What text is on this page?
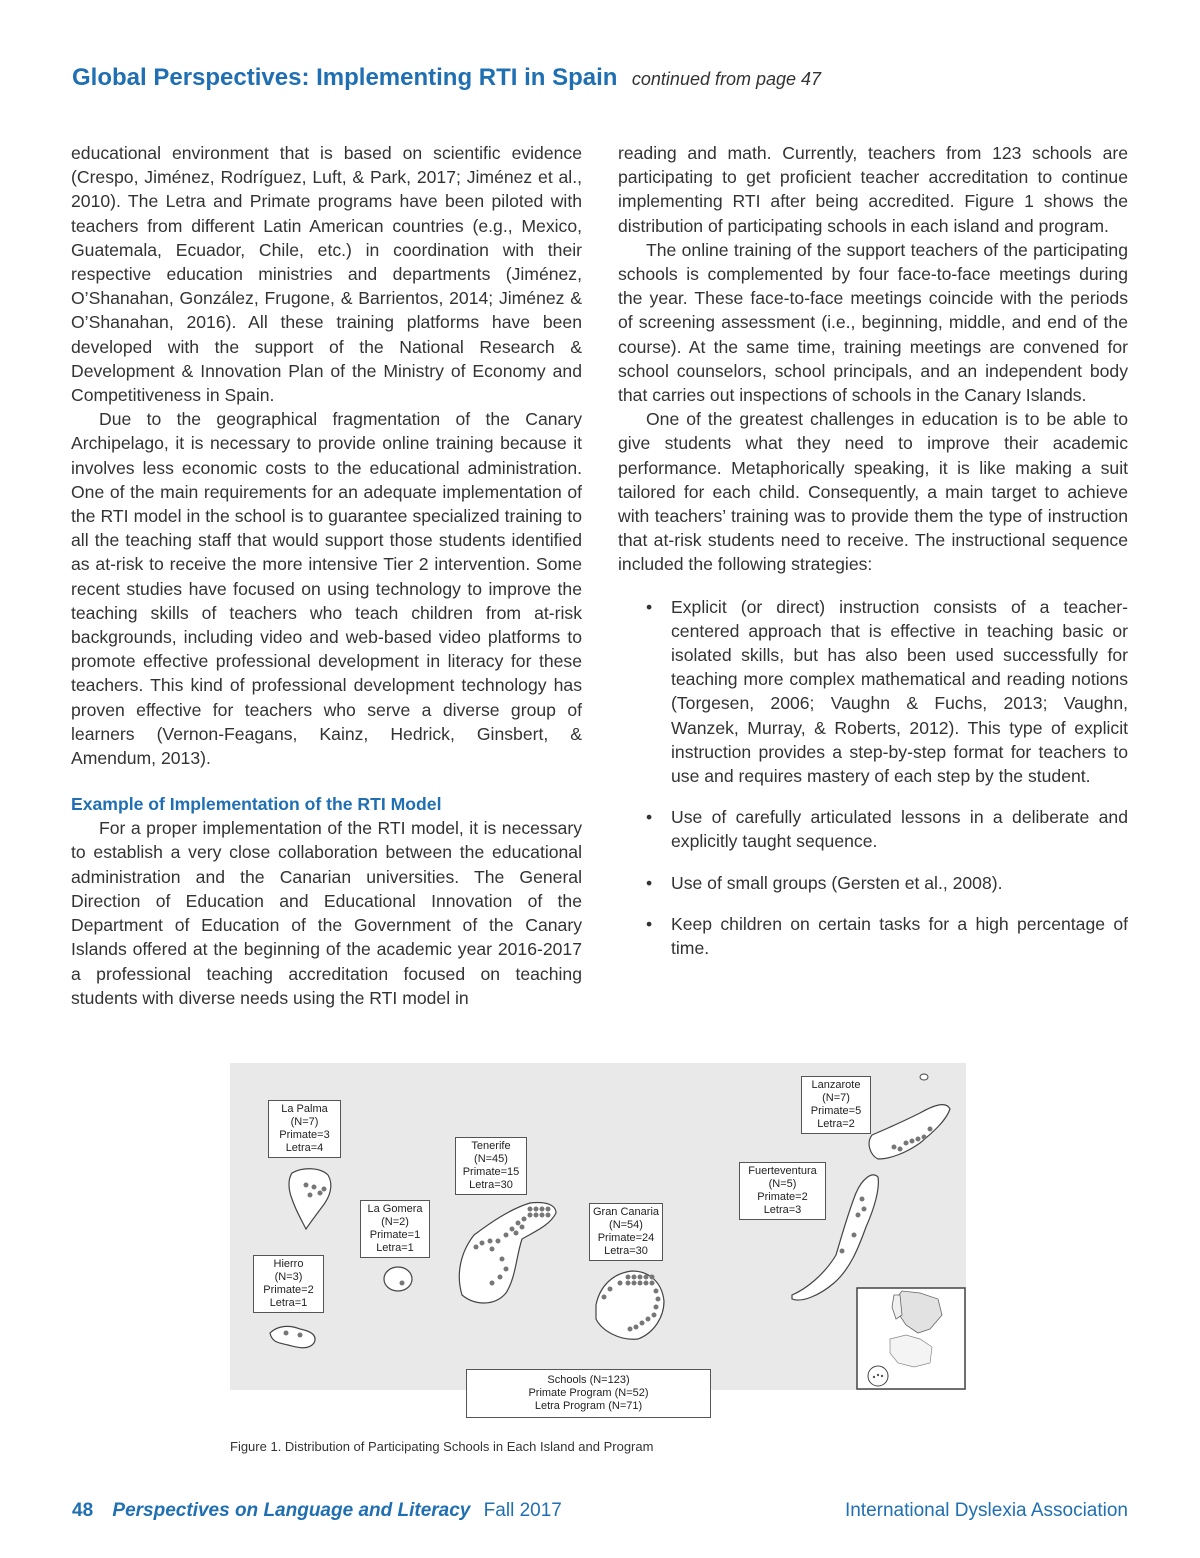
Global Perspectives: Implementing RTI in Spain continued from page 47

educational environment that is based on scientific evidence (Crespo, Jiménez, Rodríguez, Luft, & Park, 2017; Jiménez et al., 2010). The Letra and Primate programs have been piloted with teachers from different Latin American countries (e.g., Mexico, Guatemala, Ecuador, Chile, etc.) in coordination with their respective education ministries and departments (Jiménez, O’Shanahan, González, Frugone, & Barrientos, 2014; Jiménez & O’Shanahan, 2016). All these training platforms have been developed with the support of the National Research & Development & Innovation Plan of the Ministry of Economy and Competitiveness in Spain.

Due to the geographical fragmentation of the Canary Archipelago, it is necessary to provide online training because it involves less economic costs to the educational administration. One of the main requirements for an adequate implementation of the RTI model in the school is to guarantee specialized training to all the teaching staff that would support those students identified as at-risk to receive the more intensive Tier 2 intervention. Some recent studies have focused on using technology to improve the teaching skills of teachers who teach children from at-risk backgrounds, including video and web-based video platforms to promote effective professional development in literacy for these teachers. This kind of professional development technology has proven effective for teachers who serve a diverse group of learners (Vernon-Feagans, Kainz, Hedrick, Ginsbert, & Amendum, 2013).

Example of Implementation of the RTI Model

For a proper implementation of the RTI model, it is necessary to establish a very close collaboration between the educational administration and the Canarian universities. The General Direction of Education and Educational Innovation of the Department of Education of the Government of the Canary Islands offered at the beginning of the academic year 2016-2017 a professional teaching accreditation focused on teaching students with diverse needs using the RTI model in

reading and math. Currently, teachers from 123 schools are participating to get proficient teacher accreditation to continue implementing RTI after being accredited. Figure 1 shows the distribution of participating schools in each island and program.

The online training of the support teachers of the participating schools is complemented by four face-to-face meetings during the year. These face-to-face meetings coincide with the periods of screening assessment (i.e., beginning, middle, and end of the course). At the same time, training meetings are convened for school counselors, school principals, and an independent body that carries out inspections of schools in the Canary Islands.

One of the greatest challenges in education is to be able to give students what they need to improve their academic performance. Metaphorically speaking, it is like making a suit tailored for each child. Consequently, a main target to achieve with teachers’ training was to provide them the type of instruction that at-risk students need to receive. The instructional sequence included the following strategies:

• Explicit (or direct) instruction consists of a teacher-centered approach that is effective in teaching basic or isolated skills, but has also been used successfully for teaching more complex mathematical and reading notions (Torgesen, 2006; Vaughn & Fuchs, 2013; Vaughn, Wanzek, Murray, & Roberts, 2012). This type of explicit instruction provides a step-by-step format for teachers to use and requires mastery of each step by the student.
• Use of carefully articulated lessons in a deliberate and explicitly taught sequence.
• Use of small groups (Gersten et al., 2008).
• Keep children on certain tasks for a high percentage of time.
La Palma
(N=7)
Primate=3
Letra=4
Hierro
(N=3)
Primate=2
Letra=1
La Gomera
(N=2)
Primate=1
Letra=1
Tenerife
(N=45)
Primate=15
Letra=30
Gran Canaria
(N=54)
Primate=24
Letra=30
Fuerteventura
(N=5)
Primate=2
Letra=3
Lanzarote
(N=7)
Primate=5
Letra=2
Schools (N=123)
Primate Program (N=52)
Letra Program (N=71)
Figure 1. Distribution of Participating Schools in Each Island and Program
48 Perspectives on Language and Literacy Fall 2017	International Dyslexia Association
